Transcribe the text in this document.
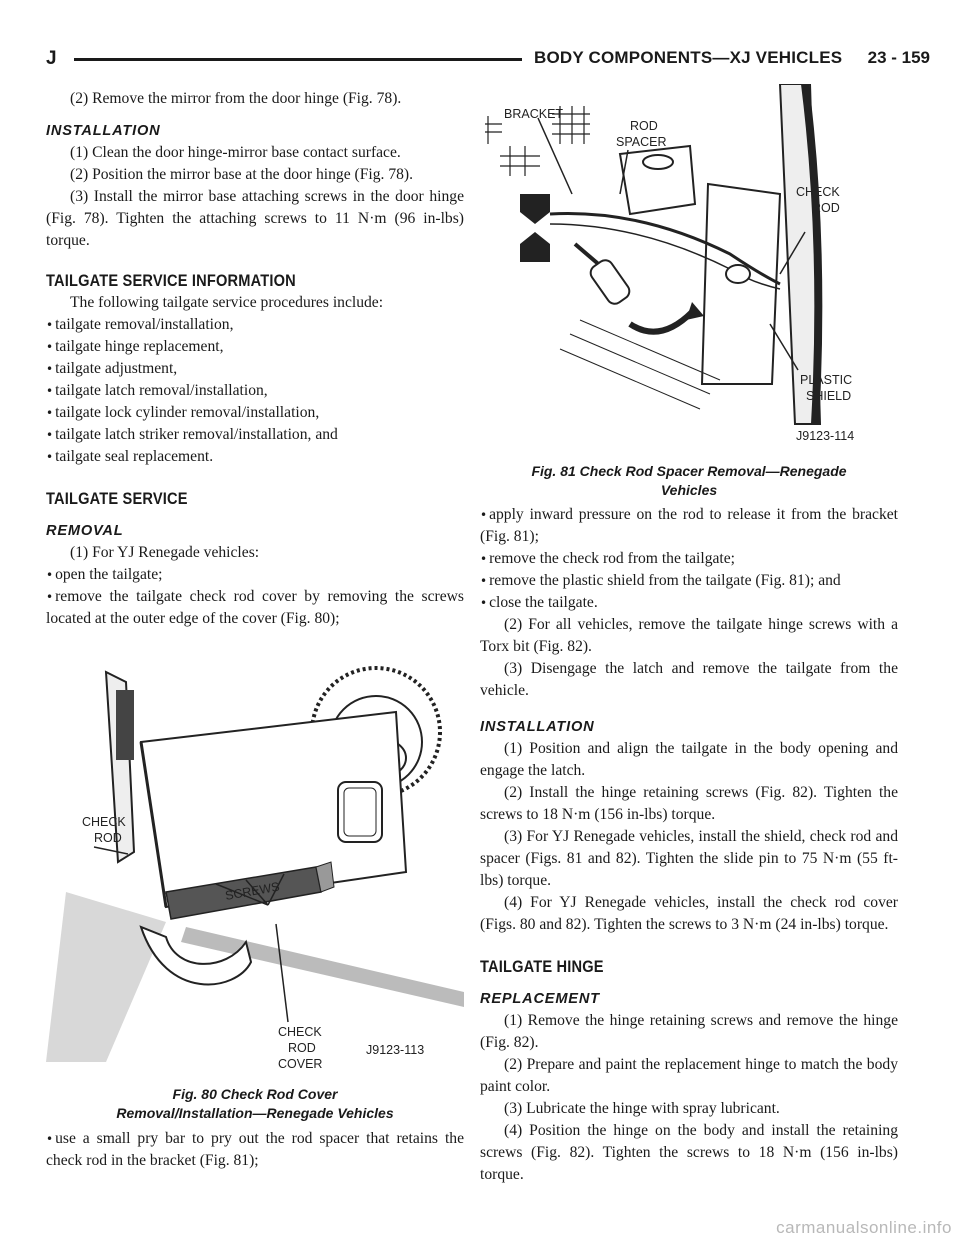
J	BODY COMPONENTS—XJ VEHICLES 23 - 159

(2) Remove the mirror from the door hinge (Fig. 78).

INSTALLATION

(1) Clean the door hinge-mirror base contact surface.

(2) Position the mirror base at the door hinge (Fig. 78).

(3) Install the mirror base attaching screws in the door hinge (Fig. 78). Tighten the attaching screws to 11 N·m (96 in-lbs) torque.

TAILGATE SERVICE INFORMATION

The following tailgate service procedures include:

• tailgate removal/installation,

• tailgate hinge replacement,

• tailgate adjustment,

• tailgate latch removal/installation,

• tailgate lock cylinder removal/installation,

• tailgate latch striker removal/installation, and

• tailgate seal replacement.

TAILGATE SERVICE
REMOVAL

(1) For YJ Renegade vehicles:

• open the tailgate;

• remove the tailgate check rod cover by removing the screws located at the outer edge of the cover (Fig. 80);

CHECK
ROD
SCREWS
CHECK
ROD
COVER
J9123-113
Fig. 80 Check Rod Cover
Removal/Installation—Renegade Vehicles

• use a small pry bar to pry out the rod spacer that retains the check rod in the bracket (Fig. 81);

BRACKET
ROD
SPACER
CHECK
ROD
PLASTIC
SHIELD
J9123-114
Fig. 81 Check Rod Spacer Removal—Renegade
Vehicles

• apply inward pressure on the rod to release it from the bracket (Fig. 81);

• remove the check rod from the tailgate;

• remove the plastic shield from the tailgate (Fig. 81); and

• close the tailgate.

(2) For all vehicles, remove the tailgate hinge screws with a Torx bit (Fig. 82).

(3) Disengage the latch and remove the tailgate from the vehicle.

INSTALLATION

(1) Position and align the tailgate in the body opening and engage the latch.

(2) Install the hinge retaining screws (Fig. 82). Tighten the screws to 18 N·m (156 in-lbs) torque.

(3) For YJ Renegade vehicles, install the shield, check rod and spacer (Figs. 81 and 82). Tighten the slide pin to 75 N·m (55 ft-lbs) torque.

(4) For YJ Renegade vehicles, install the check rod cover (Figs. 80 and 82). Tighten the screws to 3 N·m (24 in-lbs) torque.

TAILGATE HINGE
REPLACEMENT

(1) Remove the hinge retaining screws and remove the hinge (Fig. 82).

(2) Prepare and paint the replacement hinge to match the body paint color.

(3) Lubricate the hinge with spray lubricant.

(4) Position the hinge on the body and install the retaining screws (Fig. 82). Tighten the screws to 18 N·m (156 in-lbs) torque.

carmanualsonline.info
